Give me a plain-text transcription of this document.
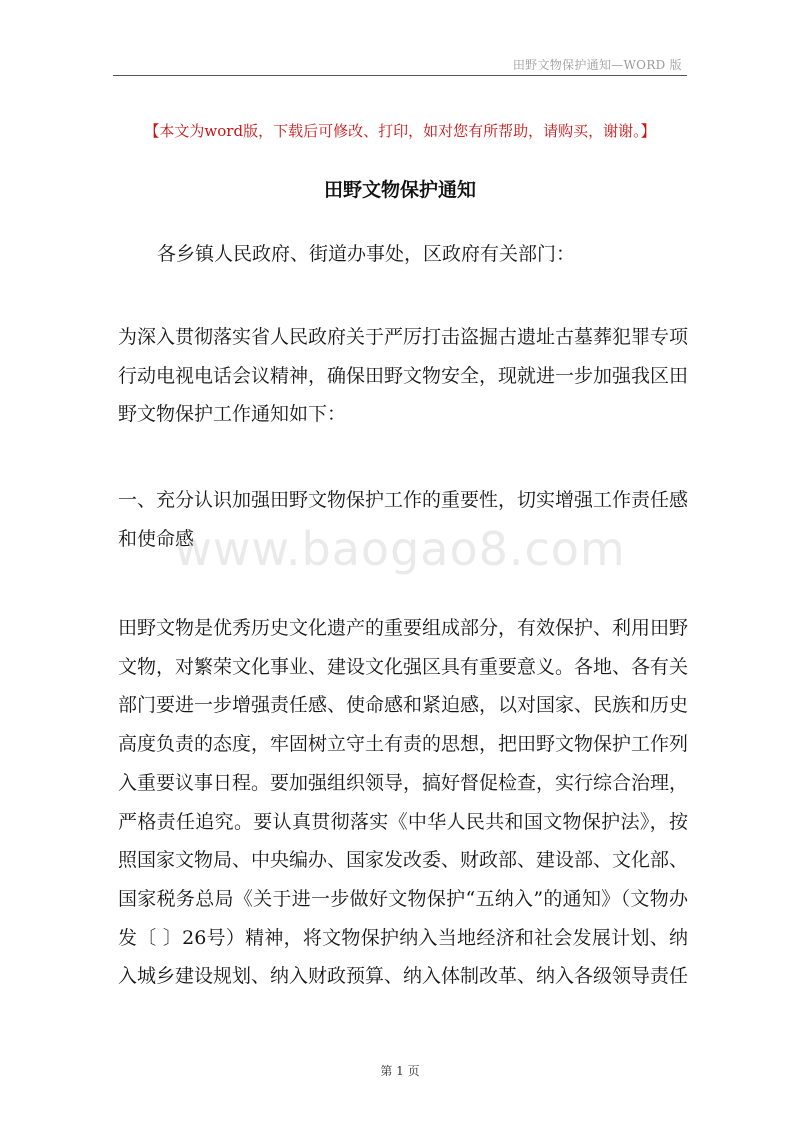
田野文物保护通知—WORD 版
【本文为word版，下载后可修改、打印，如对您有所帮助，请购买，谢谢。】
田野文物保护通知

各乡镇人民政府、街道办事处，区政府有关部门：

为深入贯彻落实省人民政府关于严厉打击盗掘古遗址古墓葬犯罪专项行动电视电话会议精神，确保田野文物安全，现就进一步加强我区田野文物保护工作通知如下：

一、充分认识加强田野文物保护工作的重要性，切实增强工作责任感和使命感

田野文物是优秀历史文化遗产的重要组成部分，有效保护、利用田野文物，对繁荣文化事业、建设文化强区具有重要意义。各地、各有关部门要进一步增强责任感、使命感和紧迫感，以对国家、民族和历史高度负责的态度，牢固树立守土有责的思想，把田野文物保护工作列入重要议事日程。要加强组织领导，搞好督促检查，实行综合治理，严格责任追究。要认真贯彻落实《中华人民共和国文物保护法》，按照国家文物局、中央编办、国家发改委、财政部、建设部、文化部、国家税务总局《关于进一步做好文物保护“五纳入”的通知》（文物办发〔 〕26号）精神，将文物保护纳入当地经济和社会发展计划、纳入城乡建设规划、纳入财政预算、纳入体制改革、纳入各级领导责任

www.baogao8.com
第 1 页
